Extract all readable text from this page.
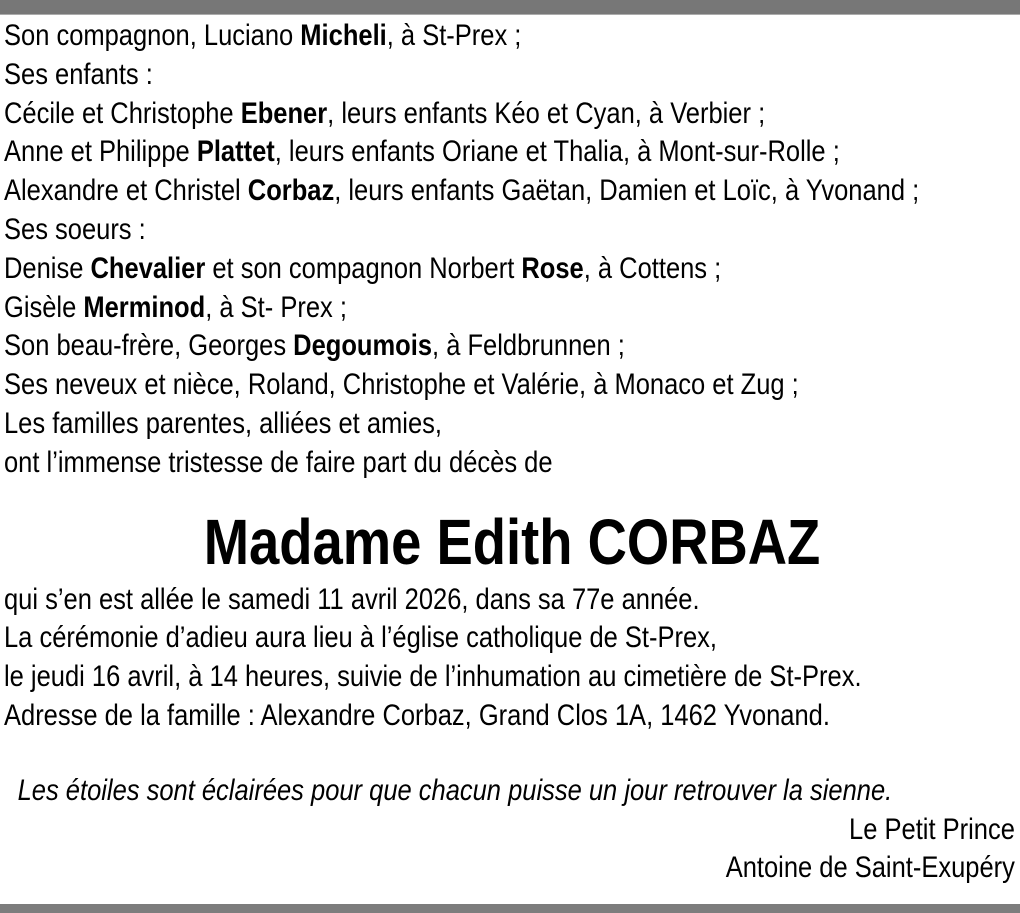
Son compagnon, Luciano Micheli, à St-Prex ;
Ses enfants :
Cécile et Christophe Ebener, leurs enfants Kéo et Cyan, à Verbier ;
Anne et Philippe Plattet, leurs enfants Oriane et Thalia, à Mont-sur-Rolle ;
Alexandre et Christel Corbaz, leurs enfants Gaëtan, Damien et Loïc, à Yvonand ;
Ses soeurs :
Denise Chevalier et son compagnon Norbert Rose, à Cottens ;
Gisèle Merminod, à St- Prex ;
Son beau-frère, Georges Degoumois, à Feldbrunnen ;
Ses neveux et nièce, Roland, Christophe et Valérie, à Monaco et Zug ;
Les familles parentes, alliées et amies,
ont l’immense tristesse de faire part du décès de
Madame Edith CORBAZ
qui s’en est allée le samedi 11 avril 2026, dans sa 77e année.
La cérémonie d’adieu aura lieu à l’église catholique de St-Prex,
le jeudi 16 avril, à 14 heures, suivie de l’inhumation au cimetière de St-Prex.
Adresse de la famille : Alexandre Corbaz, Grand Clos 1A, 1462 Yvonand.
Les étoiles sont éclairées pour que chacun puisse un jour retrouver la sienne.
Le Petit Prince
Antoine de Saint-Exupéry
